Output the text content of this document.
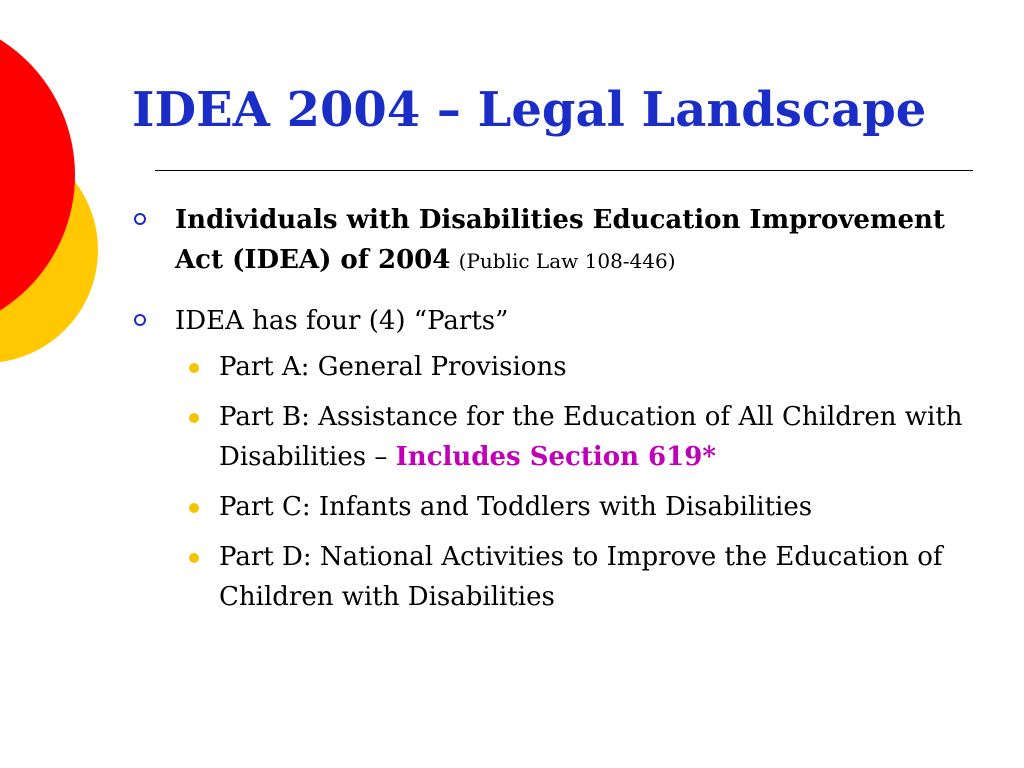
IDEA 2004 – Legal Landscape
Individuals with Disabilities Education Improvement Act (IDEA) of 2004 (Public Law 108-446)
IDEA has four (4) “Parts”
Part A: General Provisions
Part B: Assistance for the Education of All Children with Disabilities – Includes Section 619*
Part C: Infants and Toddlers with Disabilities
Part D: National Activities to Improve the Education of Children with Disabilities
